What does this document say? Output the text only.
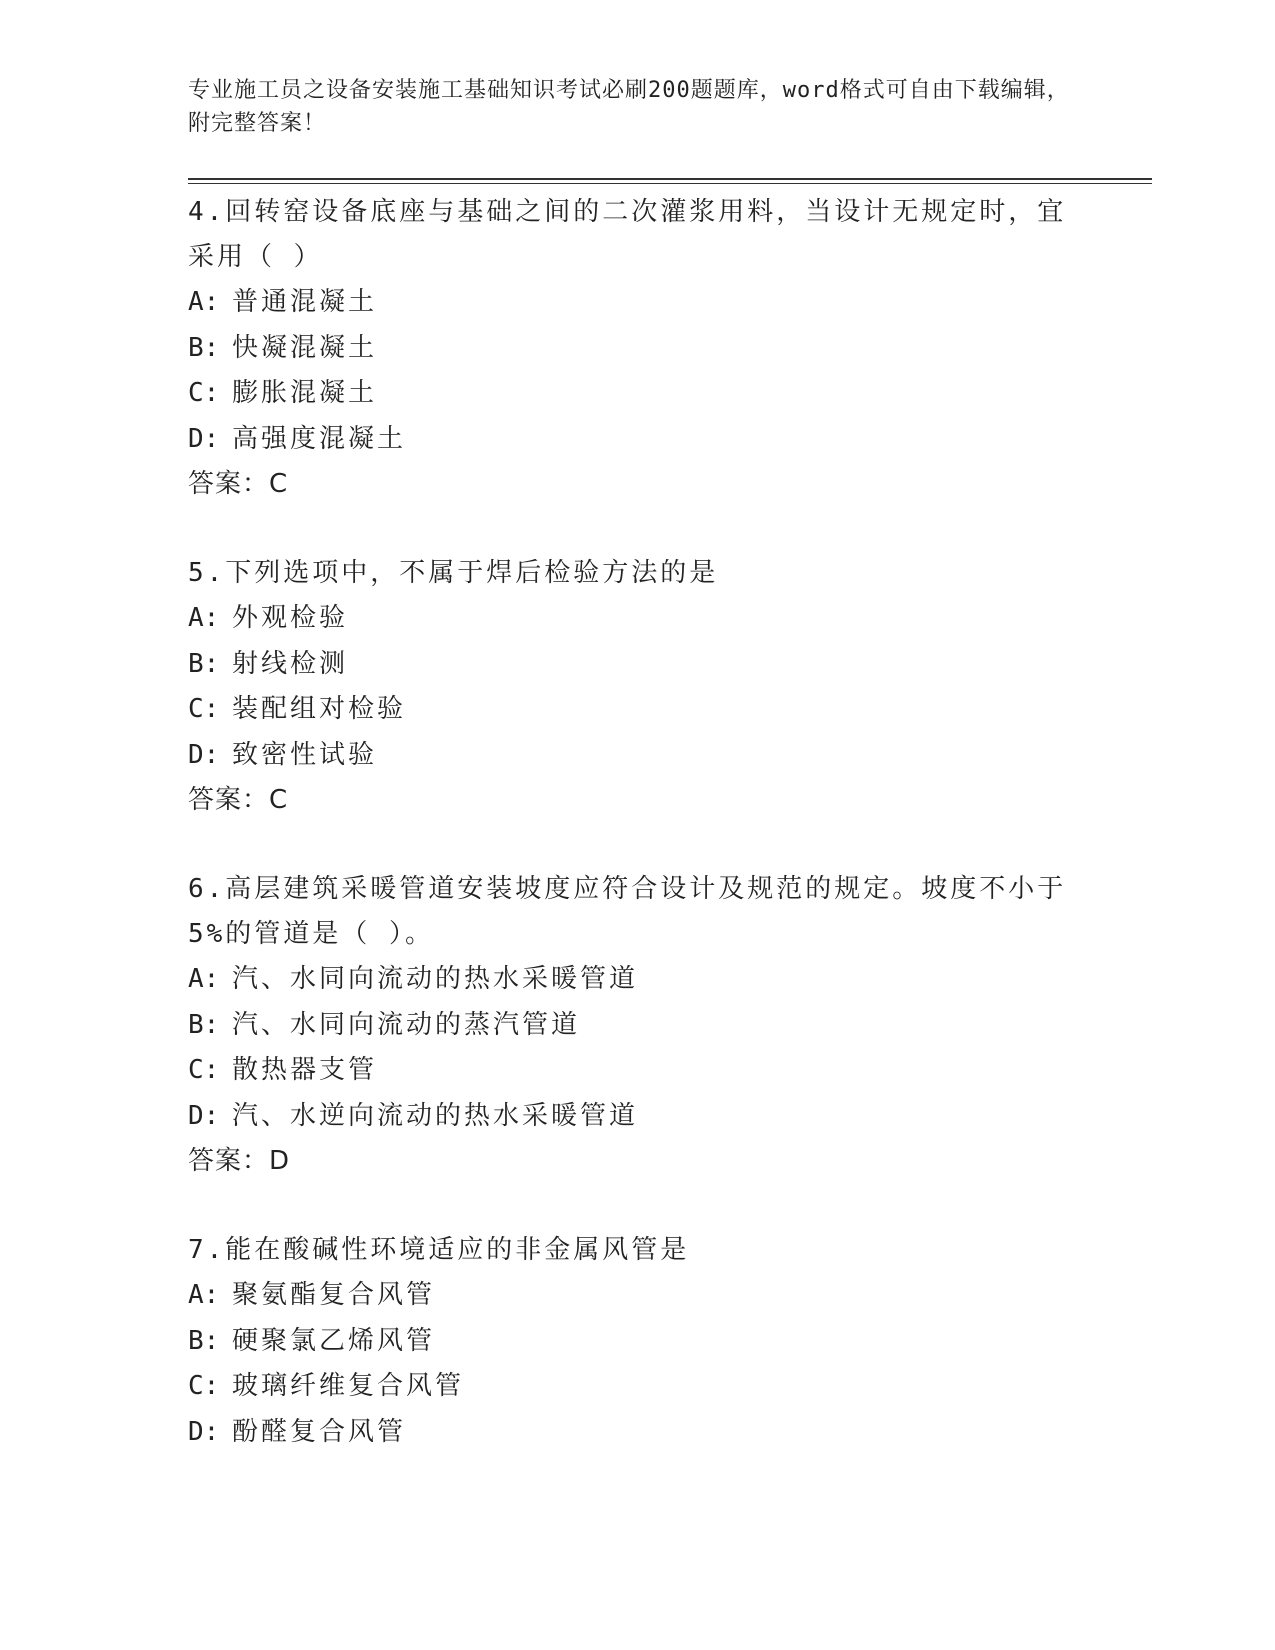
专业施工员之设备安装施工基础知识考试必刷200题题库，word格式可自由下载编辑，附完整答案！

4.回转窑设备底座与基础之间的二次灌浆用料，当设计无规定时，宜采用（ ）

A: 普通混凝土

B: 快凝混凝土

C: 膨胀混凝土

D: 高强度混凝土

答案：C

5.下列选项中，不属于焊后检验方法的是

A: 外观检验

B: 射线检测

C: 装配组对检验

D: 致密性试验

答案：C

6.高层建筑采暖管道安装坡度应符合设计及规范的规定。坡度不小于5%的管道是（ ）。

A: 汽、水同向流动的热水采暖管道

B: 汽、水同向流动的蒸汽管道

C: 散热器支管

D: 汽、水逆向流动的热水采暖管道

答案：D

7.能在酸碱性环境适应的非金属风管是

A: 聚氨酯复合风管

B: 硬聚氯乙烯风管

C: 玻璃纤维复合风管

D: 酚醛复合风管
